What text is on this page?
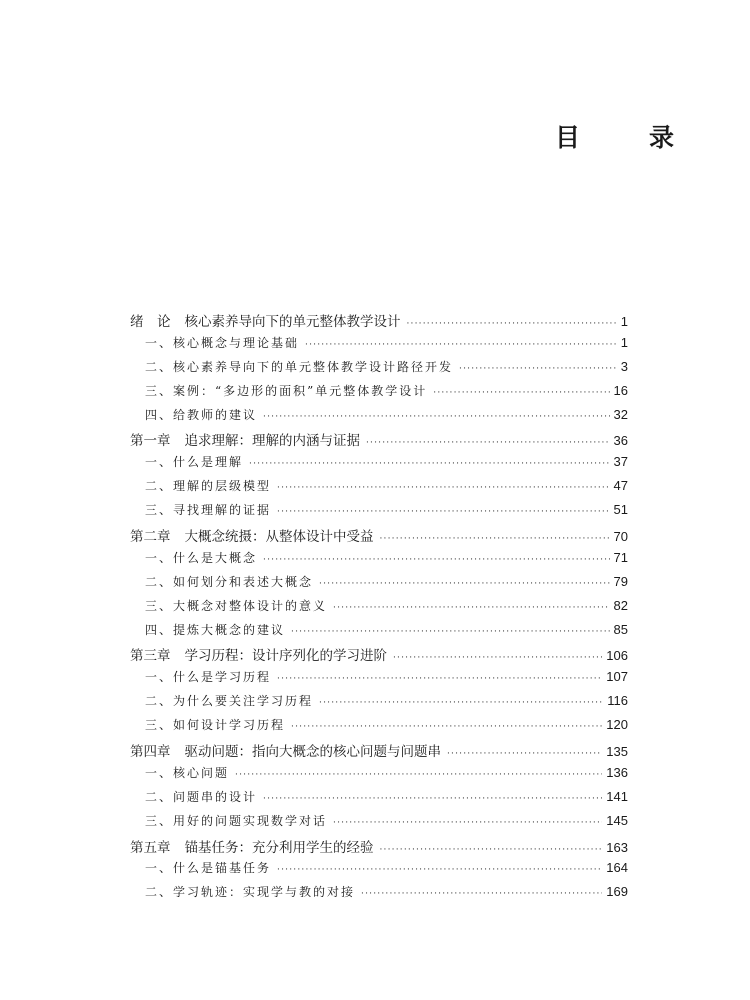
目　录
绪　论 核心素养导向下的单元整体教学设计 ·····	1
一、核心概念与理论基础 ·····	1
二、核心素养导向下的单元整体教学设计路径开发 ·····	3
三、案例：“多边形的面积”单元整体教学设计 ·····	16
四、给教师的建议 ·····	32
第一章 追求理解：理解的内涵与证据 ·····	36
一、什么是理解 ·····	37
二、理解的层级模型 ·····	47
三、寻找理解的证据 ·····	51
第二章 大概念统摄：从整体设计中受益 ·····	70
一、什么是大概念 ·····	71
二、如何划分和表述大概念 ·····	79
三、大概念对整体设计的意义 ·····	82
四、提炼大概念的建议 ·····	85
第三章 学习历程：设计序列化的学习进阶 ·····	106
一、什么是学习历程 ·····	107
二、为什么要关注学习历程 ·····	116
三、如何设计学习历程 ·····	120
第四章 驱动问题：指向大概念的核心问题与问题串 ·····	135
一、核心问题 ·····	136
二、问题串的设计 ·····	141
三、用好的问题实现数学对话 ·····	145
第五章 锚基任务：充分利用学生的经验 ·····	163
一、什么是锚基任务 ·····	164
二、学习轨迹：实现学与教的对接 ·····	169
